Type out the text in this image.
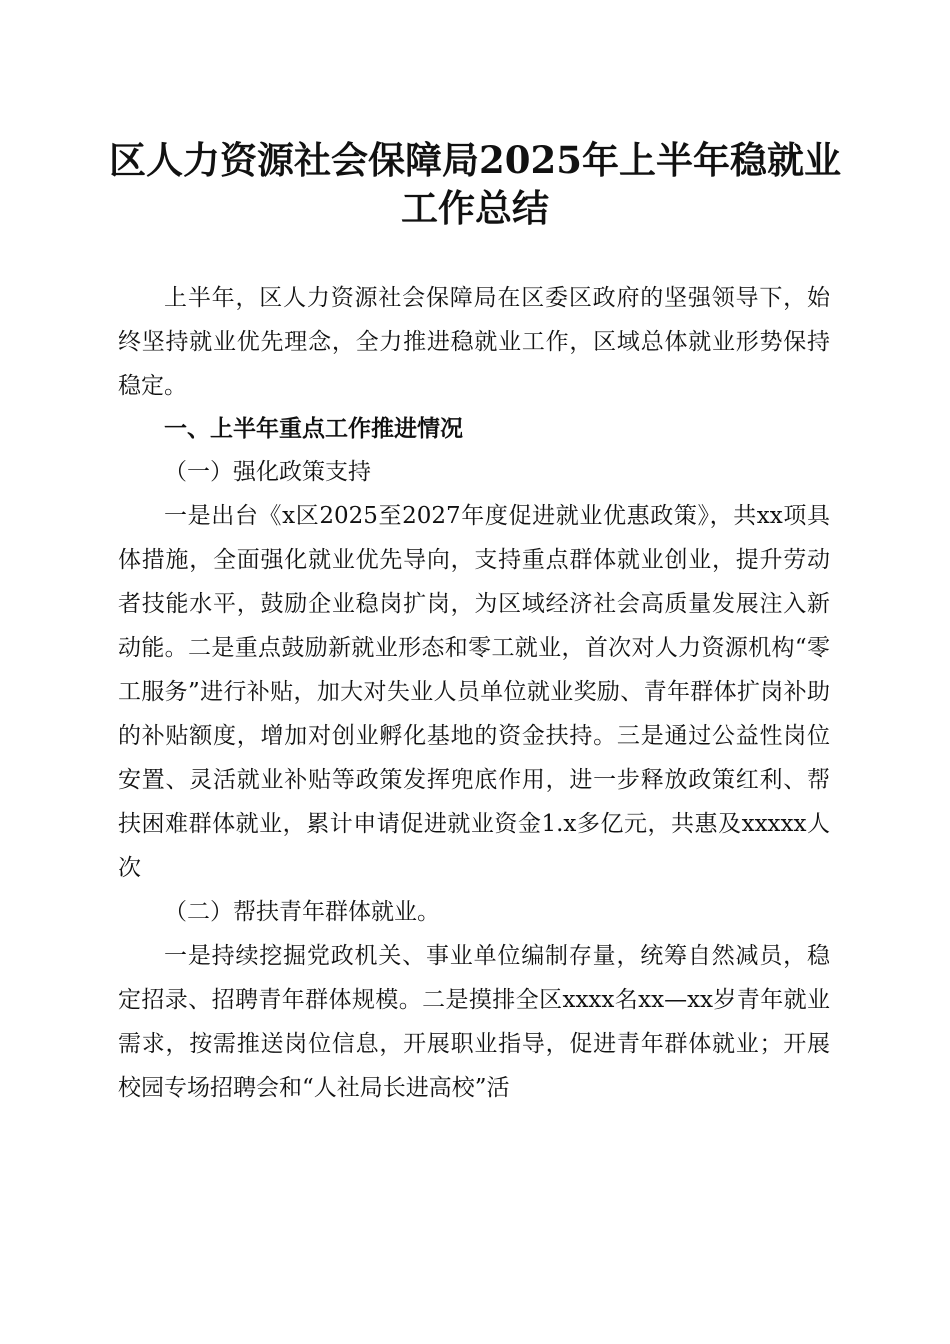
区人力资源社会保障局2025年上半年稳就业
工作总结

上半年，区人力资源社会保障局在区委区政府的坚强领导下，始终坚持就业优先理念，全力推进稳就业工作，区域总体就业形势保持稳定。

一、上半年重点工作推进情况

（一）强化政策支持

一是出台《x区2025至2027年度促进就业优惠政策》，共xx项具体措施，全面强化就业优先导向，支持重点群体就业创业，提升劳动者技能水平，鼓励企业稳岗扩岗，为区域经济社会高质量发展注入新动能。二是重点鼓励新就业形态和零工就业，首次对人力资源机构“零工服务”进行补贴，加大对失业人员单位就业奖励、青年群体扩岗补助的补贴额度，增加对创业孵化基地的资金扶持。三是通过公益性岗位安置、灵活就业补贴等政策发挥兜底作用，进一步释放政策红利、帮扶困难群体就业，累计申请促进就业资金1.x多亿元，共惠及xxxxx人次

（二）帮扶青年群体就业。

一是持续挖掘党政机关、事业单位编制存量，统筹自然减员，稳定招录、招聘青年群体规模。二是摸排全区xxxx名xx—xx岁青年就业需求，按需推送岗位信息，开展职业指导，促进青年群体就业；开展校园专场招聘会和“人社局长进高校”活
